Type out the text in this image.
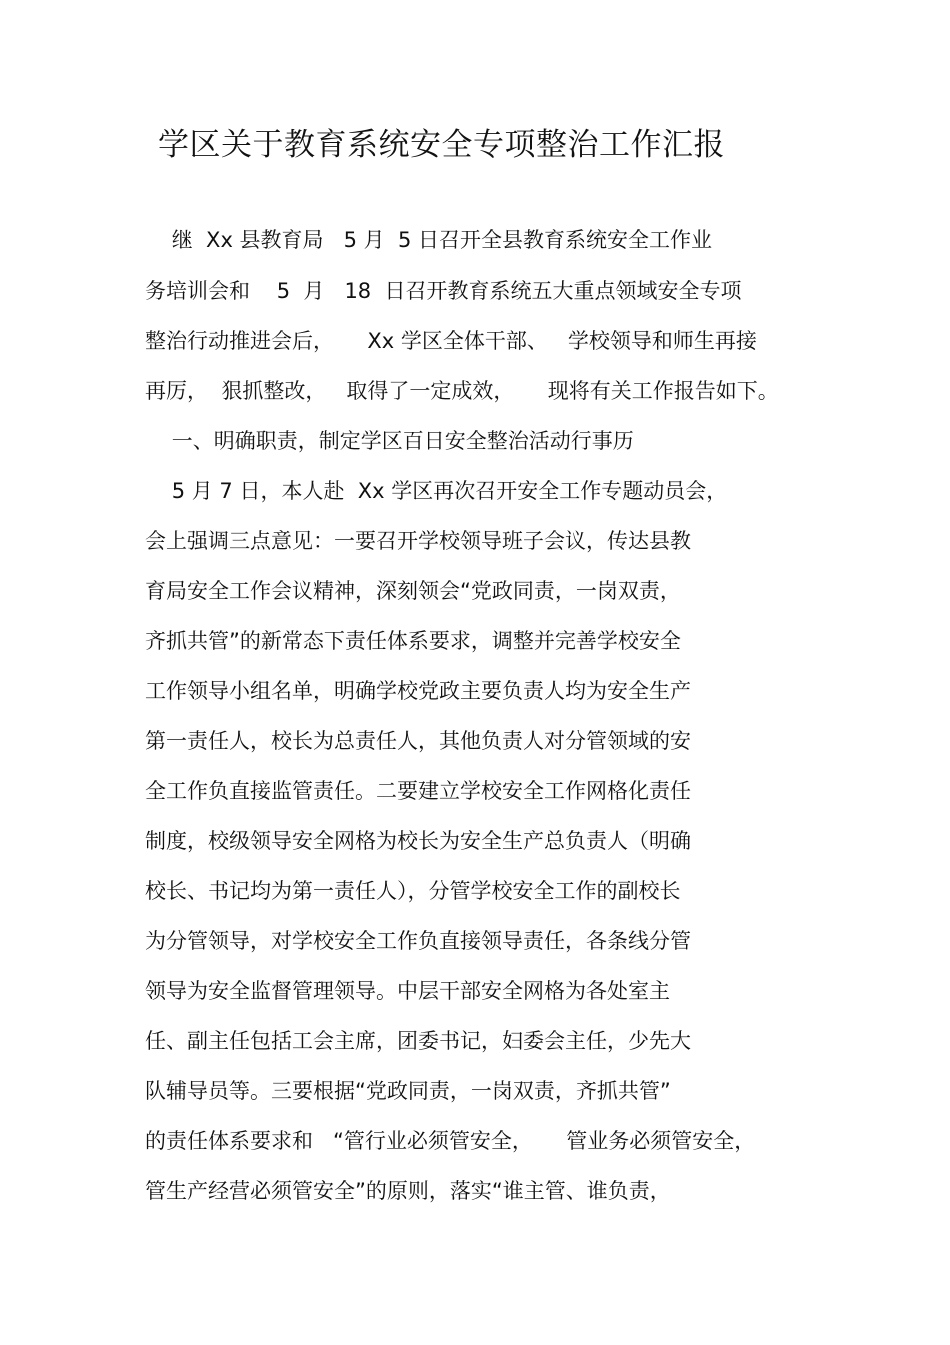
学区关于教育系统安全专项整治工作汇报

继  Xx 县教育局   5 月  5 日召开全县教育系统安全工作业

务培训会和    5  月   18  日召开教育系统五大重点领域安全专项

整治行动推进会后，     Xx 学区全体干部、   学校领导和师生再接

再厉，  狠抓整改，   取得了一定成效，     现将有关工作报告如下。

一、明确职责，制定学区百日安全整治活动行事历

5 月 7 日，本人赴  Xx 学区再次召开安全工作专题动员会，

会上强调三点意见：一要召开学校领导班子会议，传达县教

育局安全工作会议精神，深刻领会“党政同责，一岗双责，

齐抓共管”的新常态下责任体系要求，调整并完善学校安全

工作领导小组名单，明确学校党政主要负责人均为安全生产

第一责任人，校长为总责任人，其他负责人对分管领域的安

全工作负直接监管责任。二要建立学校安全工作网格化责任

制度，校级领导安全网格为校长为安全生产总负责人（明确

校长、书记均为第一责任人），分管学校安全工作的副校长

为分管领导，对学校安全工作负直接领导责任，各条线分管

领导为安全监督管理领导。中层干部安全网格为各处室主

任、副主任包括工会主席，团委书记，妇委会主任，少先大

队辅导员等。三要根据“党政同责，一岗双责，齐抓共管”

的责任体系要求和   “管行业必须管安全，     管业务必须管安全，

管生产经营必须管安全”的原则，落实“谁主管、谁负责，
